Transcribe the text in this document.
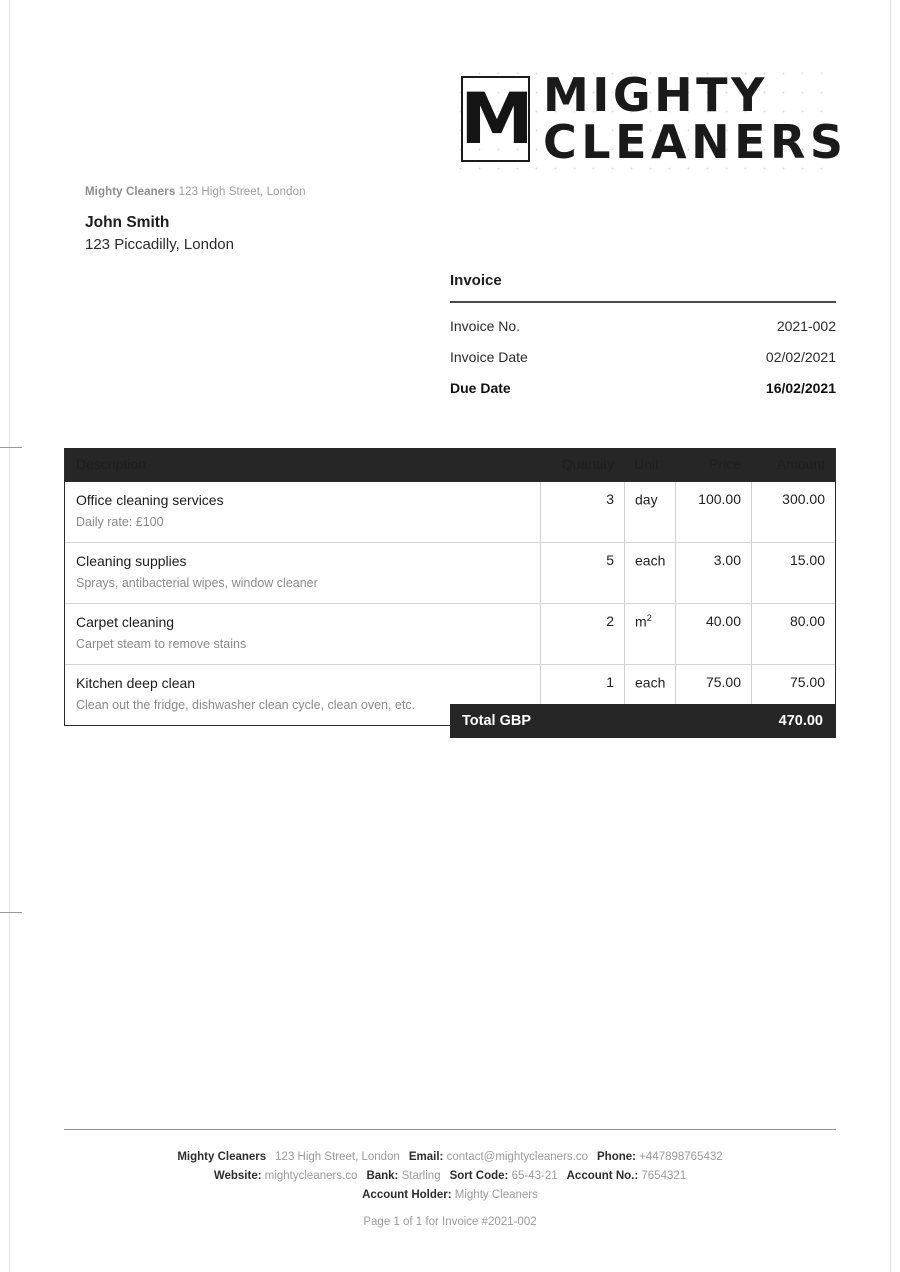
M MIGHTY
CLEANERS
Mighty Cleaners 123 High Street, London
John Smith
123 Piccadilly, London
Invoice
Invoice No.	2021-002
Invoice Date	02/02/2021
Due Date	16/02/2021
Description	Quantity	Unit	Price	Amount
Office cleaning services
Daily rate: £100
3	day	100.00	300.00
Cleaning supplies
Sprays, antibacterial wipes, window cleaner
5	each	3.00	15.00
Carpet cleaning
Carpet steam to remove stains
2	$m^2$	40.00	80.00
Kitchen deep clean
Clean out the fridge, dishwasher clean cycle, clean oven, etc.
1	each	75.00	75.00
Total GBP	470.00
Mighty Cleaners 123 High Street, London Email: contact@mightycleaners.co Phone: +447898765432
Website: mightycleaners.co Bank: Starling Sort Code: 65-43-21 Account No.: 7654321
Account Holder: Mighty Cleaners
Page 1 of 1 for Invoice #2021-002
